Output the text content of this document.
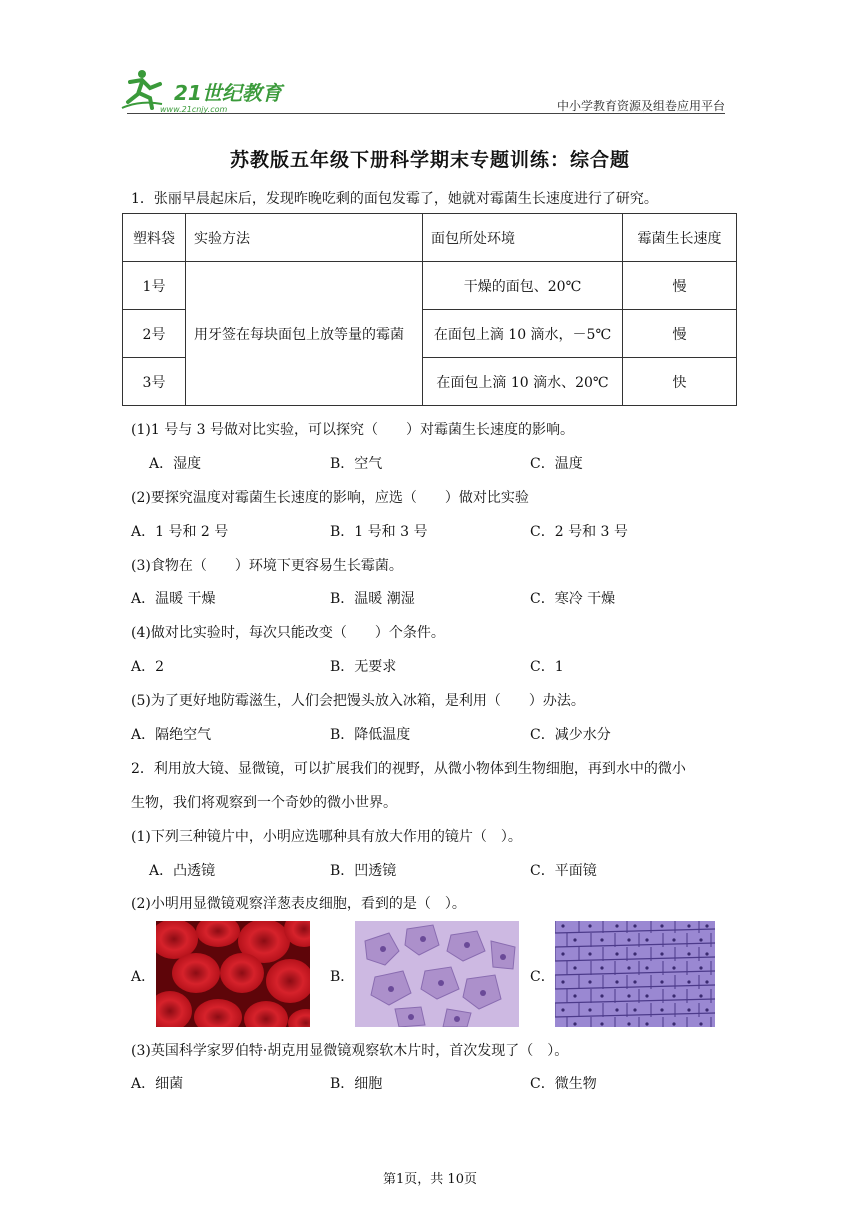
21世纪教育
www.21cnjy.com	中小学教育资源及组卷应用平台
苏教版五年级下册科学期末专题训练：综合题
1．张丽早晨起床后，发现昨晚吃剩的面包发霉了，她就对霉菌生长速度进行了研究。
塑料袋	实验方法	面包所处环境	霉菌生长速度
1号	用牙签在每块面包上放等量的霉菌	干燥的面包、20℃	慢
2号		在面包上滴 10 滴水，－5℃	慢
3号		在面包上滴 10 滴水、20℃	快
(1)1 号与 3 号做对比实验，可以探究（　　）对霉菌生长速度的影响。
A．湿度	B．空气	C．温度
(2)要探究温度对霉菌生长速度的影响，应选（　　）做对比实验
A．1 号和 2 号	B．1 号和 3 号	C．2 号和 3 号
(3)食物在（　　）环境下更容易生长霉菌。
A．温暖 干燥	B．温暖 潮湿	C．寒冷 干燥
(4)做对比实验时，每次只能改变（　　）个条件。
A．2	B．无要求	C．1
(5)为了更好地防霉滋生，人们会把馒头放入冰箱，是利用（　　）办法。
A．隔绝空气	B．降低温度	C．减少水分
2．利用放大镜、显微镜，可以扩展我们的视野，从微小物体到生物细胞，再到水中的微小
生物，我们将观察到一个奇妙的微小世界。
(1)下列三种镜片中，小明应选哪种具有放大作用的镜片（　）。
A．凸透镜	B．凹透镜	C．平面镜
(2)小明用显微镜观察洋葱表皮细胞，看到的是（　）。
A．	B．	C．
(3)英国科学家罗伯特·胡克用显微镜观察软木片时，首次发现了（　）。
A．细菌	B．细胞	C．微生物
第1页，共 10页
